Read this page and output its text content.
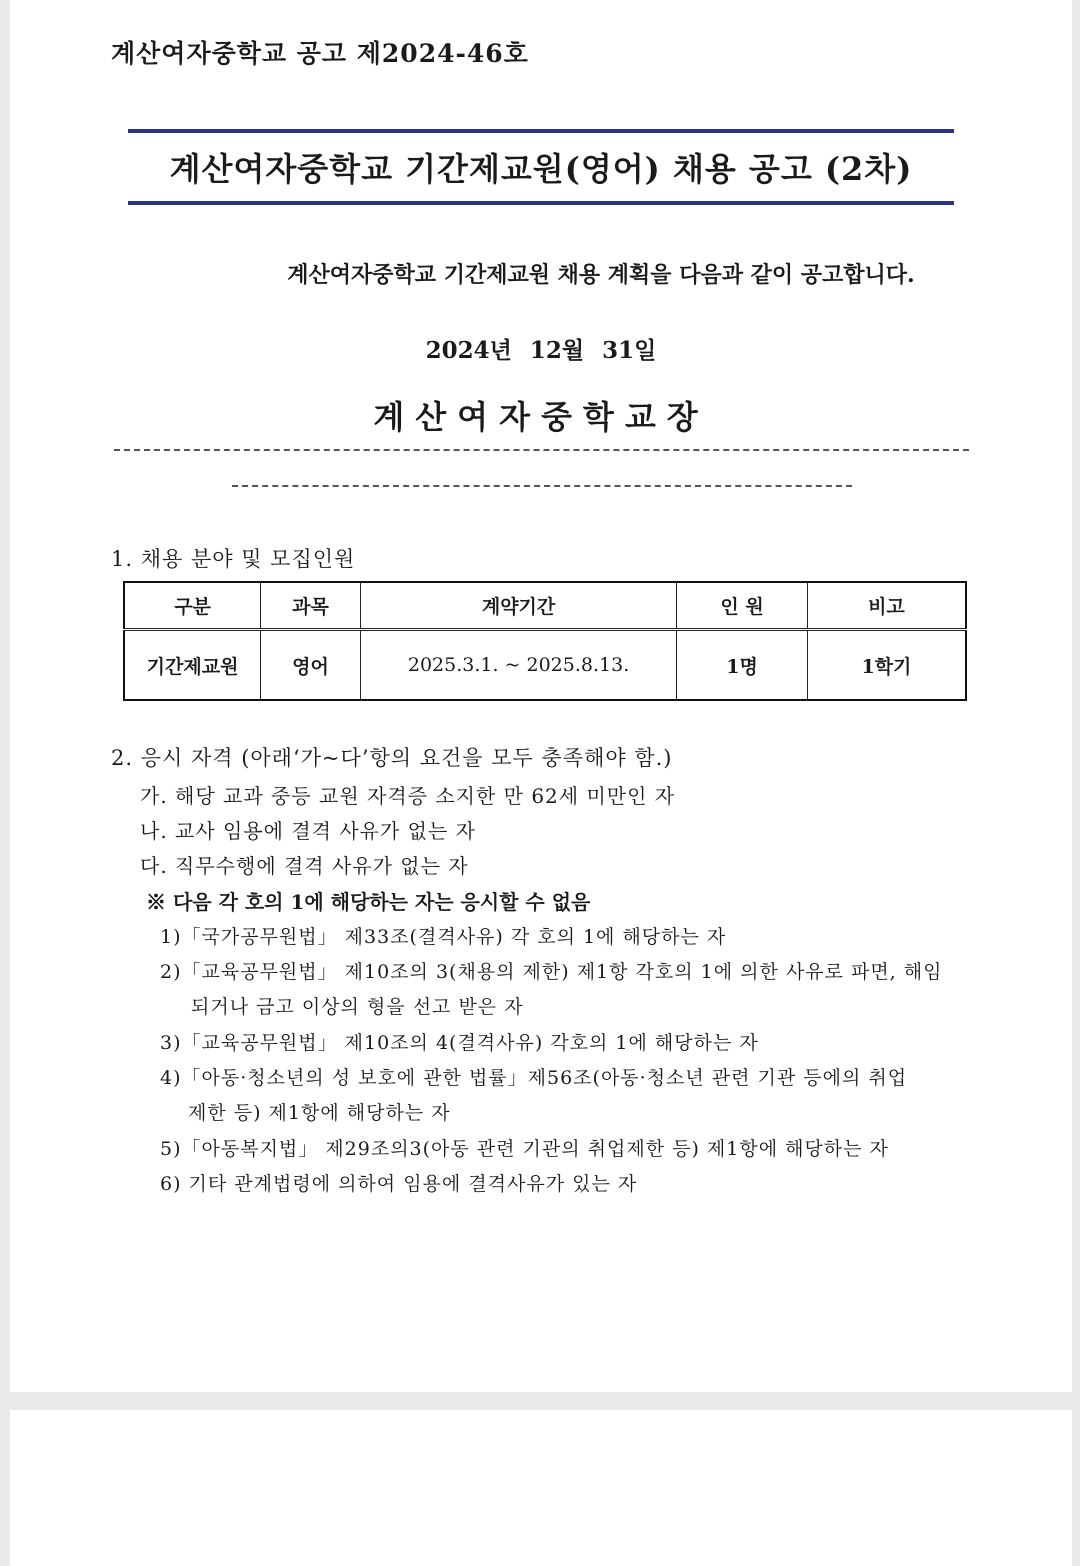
계산여자중학교 공고 제2024-46호
계산여자중학교 기간제교원(영어) 채용 공고 (2차)
계산여자중학교 기간제교원 채용 계획을 다음과 같이 공고합니다.
2024년 12월 31일
계산여자중학교장
1. 채용 분야 및 모집인원
구분	과목	계약기간	인 원	비고
기간제교원	영어	2025.3.1. ~ 2025.8.13.	1명	1학기
2. 응시 자격 (아래‘가~다’항의 요건을 모두 충족해야 함.)
가. 해당 교과 중등 교원 자격증 소지한 만 62세 미만인 자
나. 교사 임용에 결격 사유가 없는 자
다. 직무수행에 결격 사유가 없는 자
※ 다음 각 호의 1에 해당하는 자는 응시할 수 없음
1)「국가공무원법」 제33조(결격사유) 각 호의 1에 해당하는 자
2)「교육공무원법」 제10조의 3(채용의 제한) 제1항 각호의 1에 의한 사유로 파면, 해임
되거나 금고 이상의 형을 선고 받은 자
3)「교육공무원법」 제10조의 4(결격사유) 각호의 1에 해당하는 자
4)「아동·청소년의 성 보호에 관한 법률」제56조(아동·청소년 관련 기관 등에의 취업
제한 등) 제1항에 해당하는 자
5)「아동복지법」 제29조의3(아동 관련 기관의 취업제한 등) 제1항에 해당하는 자
6) 기타 관계법령에 의하여 임용에 결격사유가 있는 자
